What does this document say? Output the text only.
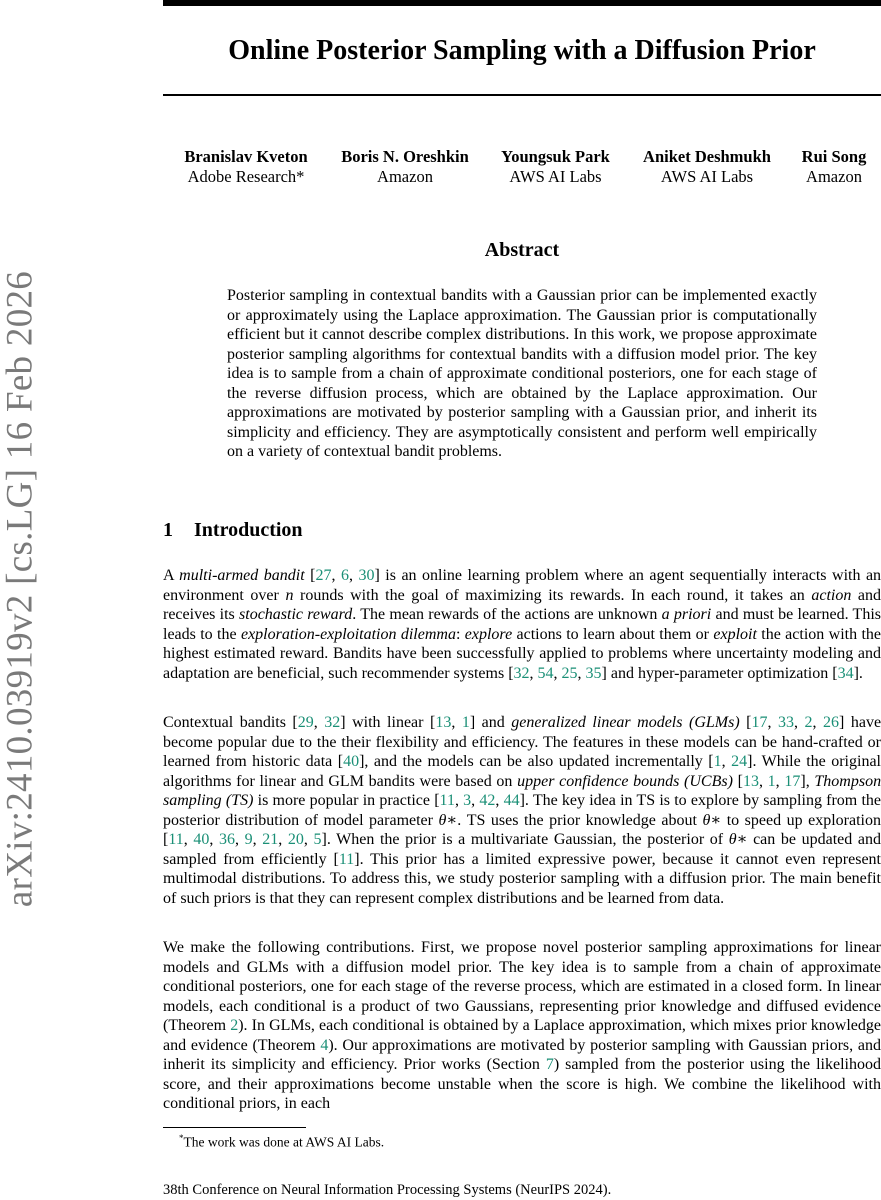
Online Posterior Sampling with a Diffusion Prior
arXiv:2410.03919v2 [cs.LG] 16 Feb 2026
Branislav Kveton
Adobe Research*
Boris N. Oreshkin
Amazon
Youngsuk Park
AWS AI Labs
Aniket Deshmukh
AWS AI Labs
Rui Song
Amazon
Abstract
Posterior sampling in contextual bandits with a Gaussian prior can be implemented exactly or approximately using the Laplace approximation. The Gaussian prior is computationally efficient but it cannot describe complex distributions. In this work, we propose approximate posterior sampling algorithms for contextual bandits with a diffusion model prior. The key idea is to sample from a chain of approximate conditional posteriors, one for each stage of the reverse diffusion process, which are obtained by the Laplace approximation. Our approximations are motivated by posterior sampling with a Gaussian prior, and inherit its simplicity and efficiency. They are asymptotically consistent and perform well empirically on a variety of contextual bandit problems.
1 Introduction
A multi-armed bandit [27, 6, 30] is an online learning problem where an agent sequentially interacts with an environment over n rounds with the goal of maximizing its rewards. In each round, it takes an action and receives its stochastic reward. The mean rewards of the actions are unknown a priori and must be learned. This leads to the exploration-exploitation dilemma: explore actions to learn about them or exploit the action with the highest estimated reward. Bandits have been successfully applied to problems where uncertainty modeling and adaptation are beneficial, such recommender systems [32, 54, 25, 35] and hyper-parameter optimization [34].
Contextual bandits [29, 32] with linear [13, 1] and generalized linear models (GLMs) [17, 33, 2, 26] have become popular due to the their flexibility and efficiency. The features in these models can be hand-crafted or learned from historic data [40], and the models can be also updated incrementally [1, 24]. While the original algorithms for linear and GLM bandits were based on upper confidence bounds (UCBs) [13, 1, 17], Thompson sampling (TS) is more popular in practice [11, 3, 42, 44]. The key idea in TS is to explore by sampling from the posterior distribution of model parameter θ∗. TS uses the prior knowledge about θ∗ to speed up exploration [11, 40, 36, 9, 21, 20, 5]. When the prior is a multivariate Gaussian, the posterior of θ∗ can be updated and sampled from efficiently [11]. This prior has a limited expressive power, because it cannot even represent multimodal distributions. To address this, we study posterior sampling with a diffusion prior. The main benefit of such priors is that they can represent complex distributions and be learned from data.
We make the following contributions. First, we propose novel posterior sampling approximations for linear models and GLMs with a diffusion model prior. The key idea is to sample from a chain of approximate conditional posteriors, one for each stage of the reverse process, which are estimated in a closed form. In linear models, each conditional is a product of two Gaussians, representing prior knowledge and diffused evidence (Theorem 2). In GLMs, each conditional is obtained by a Laplace approximation, which mixes prior knowledge and evidence (Theorem 4). Our approximations are motivated by posterior sampling with Gaussian priors, and inherit its simplicity and efficiency. Prior works (Section 7) sampled from the posterior using the likelihood score, and their approximations become unstable when the score is high. We combine the likelihood with conditional priors, in each
*The work was done at AWS AI Labs.
38th Conference on Neural Information Processing Systems (NeurIPS 2024).
